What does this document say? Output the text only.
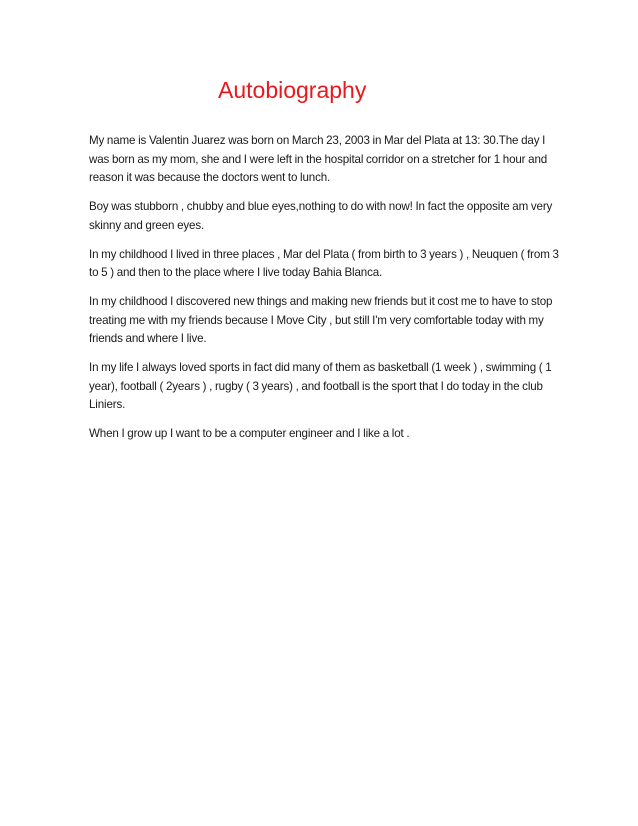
Autobiography

My name is Valentin Juarez was born on March 23, 2003 in Mar del Plata at 13: 30.The day I was born as my mom, she and I were left in the hospital corridor on a stretcher for 1 hour and reason it was because the doctors went to lunch.

Boy was stubborn , chubby and blue eyes,nothing to do with now! In fact the opposite am very skinny and green eyes.

In my childhood I lived in three places , Mar del Plata ( from birth to 3 years ) , Neuquen ( from 3 to 5 ) and then to the place where I live today Bahia Blanca.

In my childhood I discovered new things and making new friends but it cost me to have to stop treating me with my friends because I Move City , but still I'm very comfortable today with my friends and where I live.

In my life I always loved sports in fact did many of them as basketball (1 week ) , swimming ( 1 year), football ( 2years ) , rugby ( 3 years) , and football is the sport that I do today in the club Liniers.

When I grow up I want to be a computer engineer and I like a lot .
